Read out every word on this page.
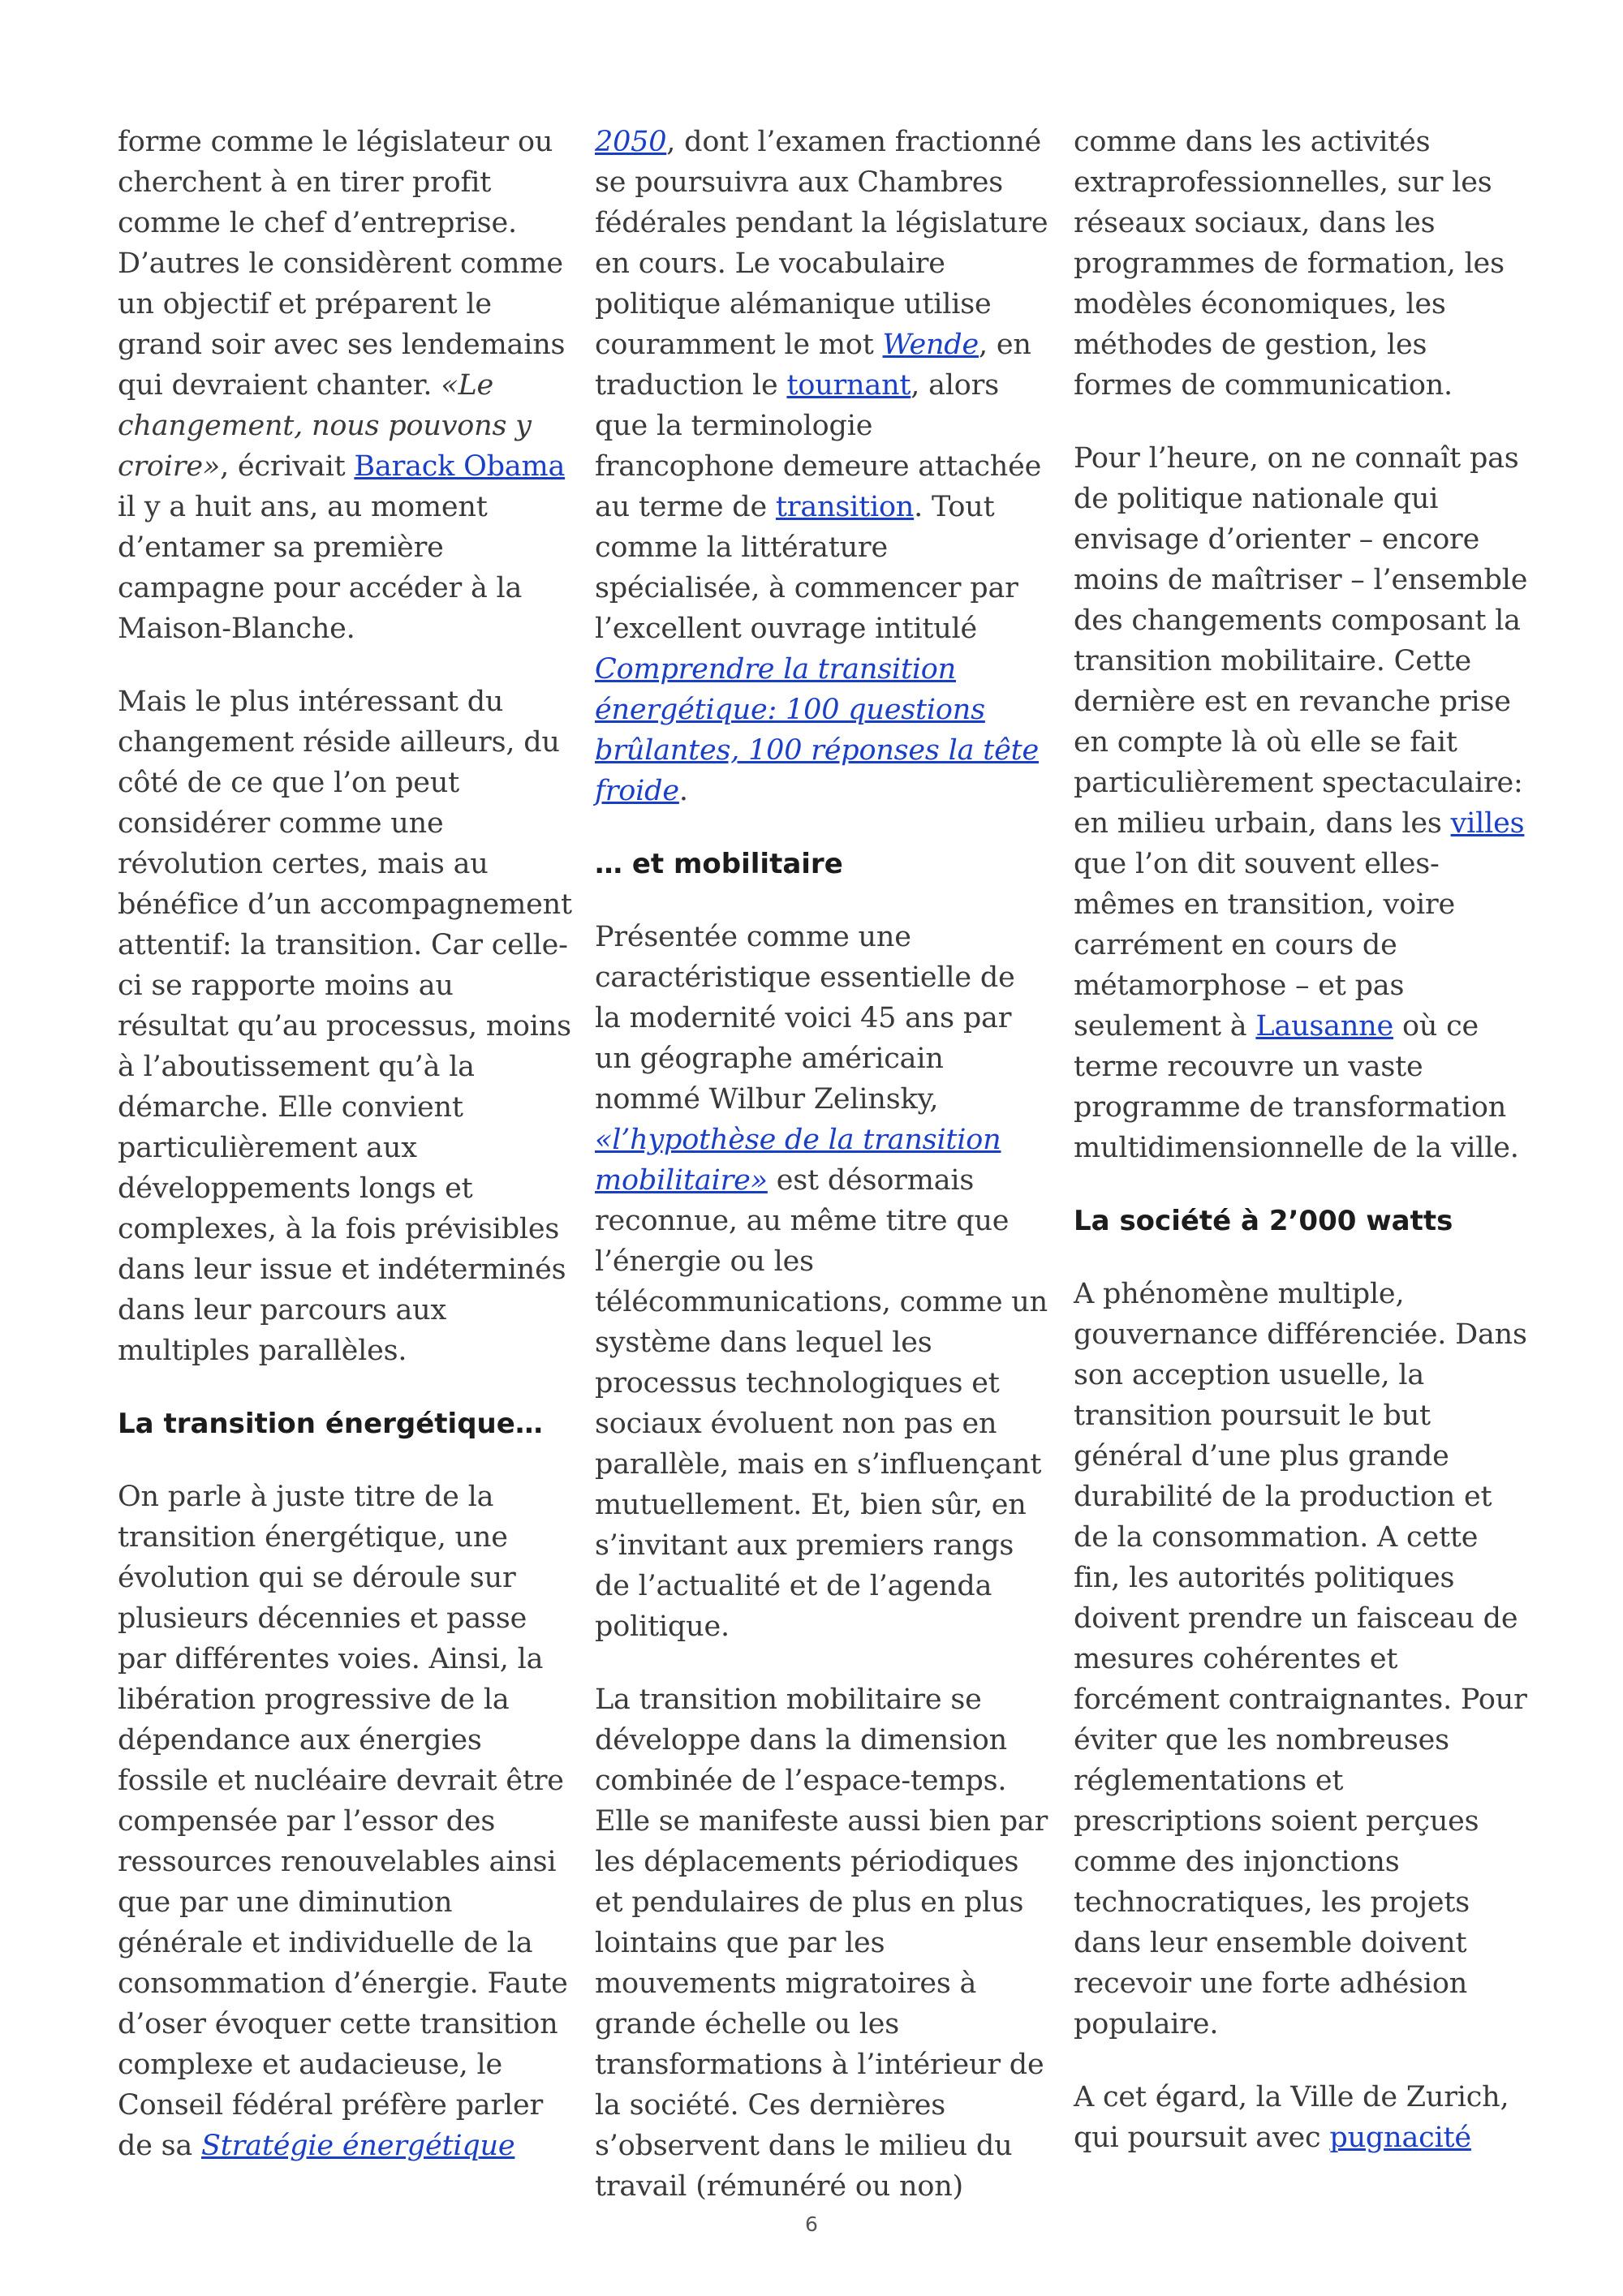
forme comme le législateur ou cherchent à en tirer profit comme le chef d’entreprise. D’autres le considèrent comme un objectif et préparent le grand soir avec ses lendemains qui devraient chanter. «Le changement, nous pouvons y croire», écrivait Barack Obama il y a huit ans, au moment d’entamer sa première campagne pour accéder à la Maison-Blanche.

Mais le plus intéressant du changement réside ailleurs, du côté de ce que l’on peut considérer comme une révolution certes, mais au bénéfice d’un accompagnement attentif: la transition. Car celle-ci se rapporte moins au résultat qu’au processus, moins à l’aboutissement qu’à la démarche. Elle convient particulièrement aux développements longs et complexes, à la fois prévisibles dans leur issue et indéterminés dans leur parcours aux multiples parallèles.

La transition énergétique…

On parle à juste titre de la transition énergétique, une évolution qui se déroule sur plusieurs décennies et passe par différentes voies. Ainsi, la libération progressive de la dépendance aux énergies fossile et nucléaire devrait être compensée par l’essor des ressources renouvelables ainsi que par une diminution générale et individuelle de la consommation d’énergie. Faute d’oser évoquer cette transition complexe et audacieuse, le Conseil fédéral préfère parler de sa Stratégie énergétique

2050, dont l’examen fractionné se poursuivra aux Chambres fédérales pendant la législature en cours. Le vocabulaire politique alémanique utilise couramment le mot Wende, en traduction le tournant, alors que la terminologie francophone demeure attachée au terme de transition. Tout comme la littérature spécialisée, à commencer par l’excellent ouvrage intitulé Comprendre la transition énergétique: 100 questions brûlantes, 100 réponses la tête froide.

… et mobilitaire

Présentée comme une caractéristique essentielle de la modernité voici 45 ans par un géographe américain nommé Wilbur Zelinsky, «l’hypothèse de la transition mobilitaire» est désormais reconnue, au même titre que l’énergie ou les télécommunications, comme un système dans lequel les processus technologiques et sociaux évoluent non pas en parallèle, mais en s’influençant mutuellement. Et, bien sûr, en s’invitant aux premiers rangs de l’actualité et de l’agenda politique.

La transition mobilitaire se développe dans la dimension combinée de l’espace-temps. Elle se manifeste aussi bien par les déplacements périodiques et pendulaires de plus en plus lointains que par les mouvements migratoires à grande échelle ou les transformations à l’intérieur de la société. Ces dernières s’observent dans le milieu du travail (rémunéré ou non)

comme dans les activités extraprofessionnelles, sur les réseaux sociaux, dans les programmes de formation, les modèles économiques, les méthodes de gestion, les formes de communication.

Pour l’heure, on ne connaît pas de politique nationale qui envisage d’orienter – encore moins de maîtriser – l’ensemble des changements composant la transition mobilitaire. Cette dernière est en revanche prise en compte là où elle se fait particulièrement spectaculaire: en milieu urbain, dans les villes que l’on dit souvent elles-mêmes en transition, voire carrément en cours de métamorphose – et pas seulement à Lausanne où ce terme recouvre un vaste programme de transformation multidimensionnelle de la ville.

La société à 2’000 watts

A phénomène multiple, gouvernance différenciée. Dans son acception usuelle, la transition poursuit le but général d’une plus grande durabilité de la production et de la consommation. A cette fin, les autorités politiques doivent prendre un faisceau de mesures cohérentes et forcément contraignantes. Pour éviter que les nombreuses réglementations et prescriptions soient perçues comme des injonctions technocratiques, les projets dans leur ensemble doivent recevoir une forte adhésion populaire.

A cet égard, la Ville de Zurich, qui poursuit avec pugnacité

6
